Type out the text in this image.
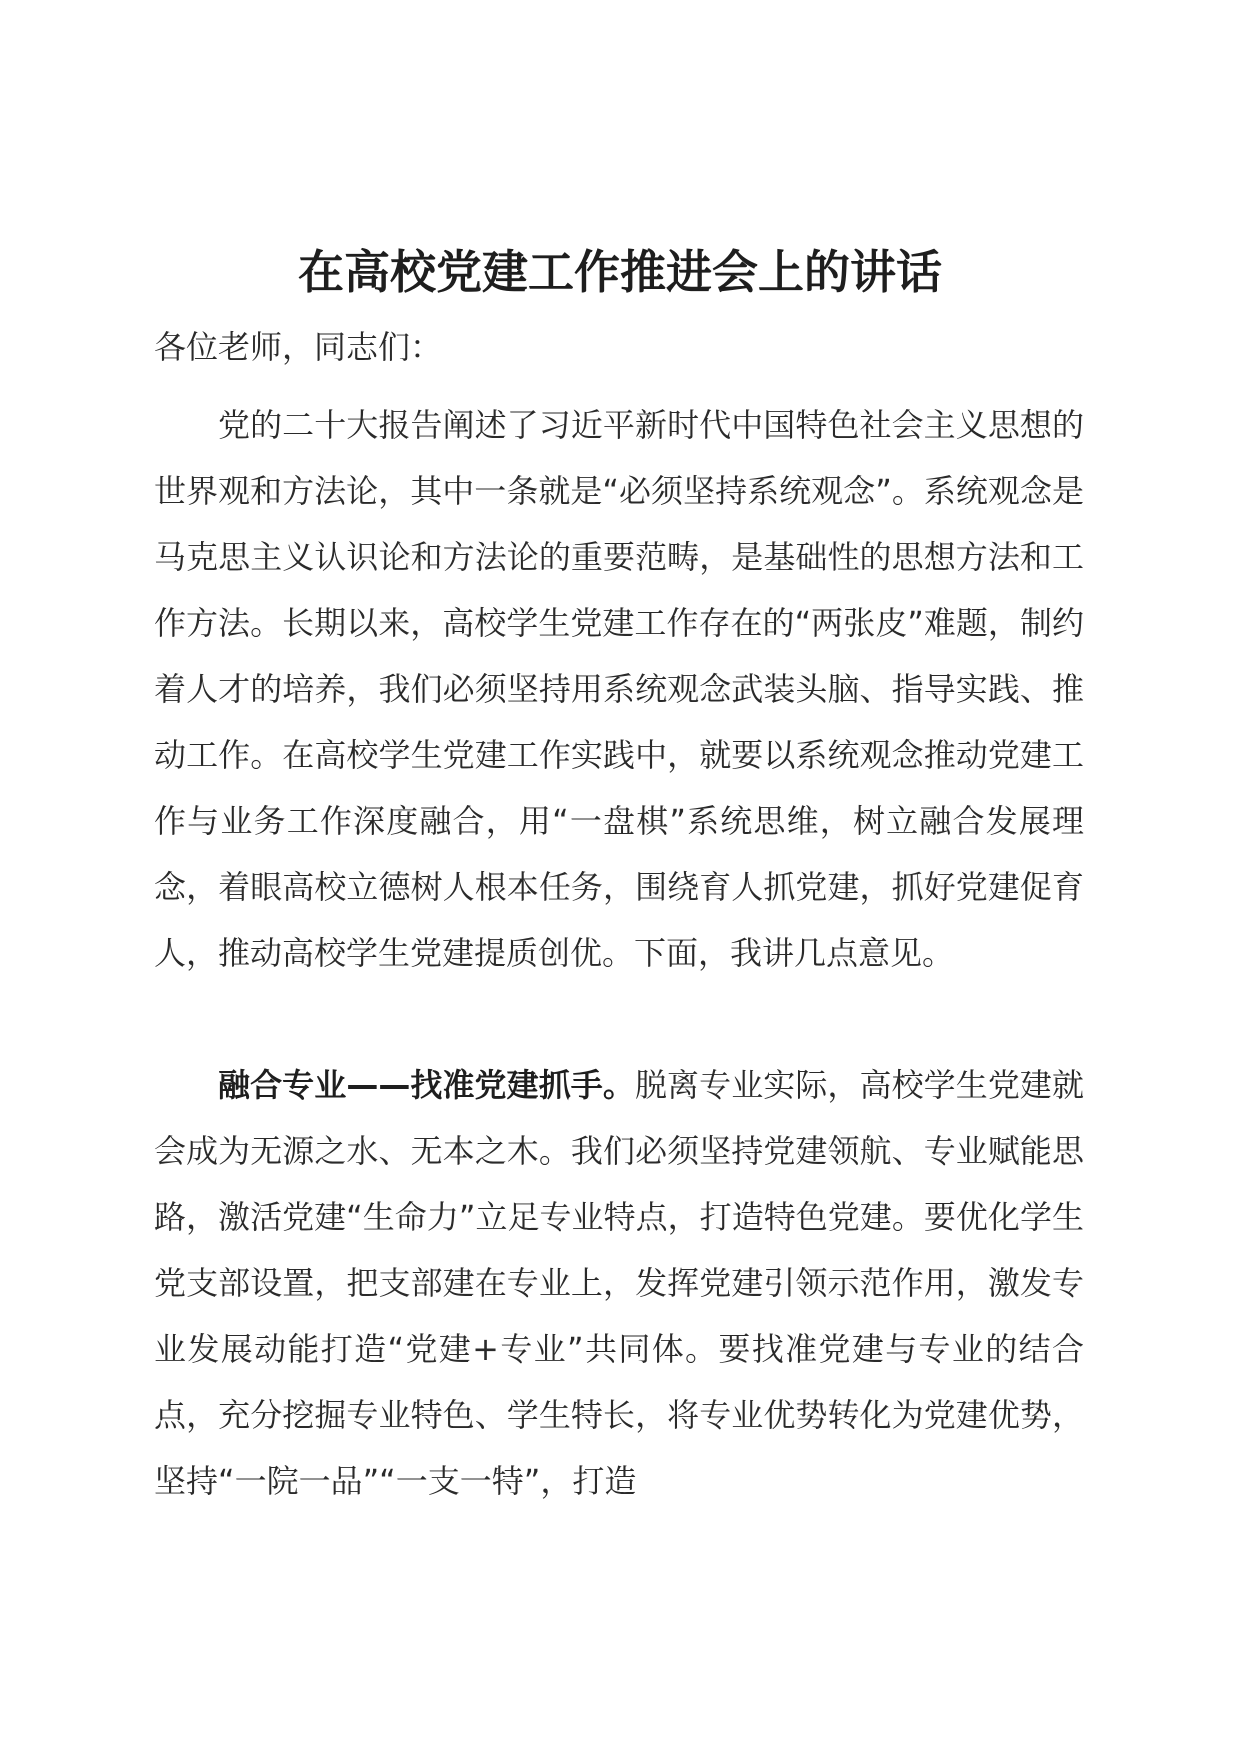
在高校党建工作推进会上的讲话

各位老师，同志们：

党的二十大报告阐述了习近平新时代中国特色社会主义思想的世界观和方法论，其中一条就是“必须坚持系统观念”。系统观念是马克思主义认识论和方法论的重要范畴，是基础性的思想方法和工作方法。长期以来，高校学生党建工作存在的“两张皮”难题，制约着人才的培养，我们必须坚持用系统观念武装头脑、指导实践、推动工作。在高校学生党建工作实践中，就要以系统观念推动党建工作与业务工作深度融合，用“一盘棋”系统思维，树立融合发展理念，着眼高校立德树人根本任务，围绕育人抓党建，抓好党建促育人，推动高校学生党建提质创优。下面，我讲几点意见。

融合专业——找准党建抓手。脱离专业实际，高校学生党建就会成为无源之水、无本之木。我们必须坚持党建领航、专业赋能思路，激活党建“生命力”立足专业特点，打造特色党建。要优化学生党支部设置，把支部建在专业上，发挥党建引领示范作用，激发专业发展动能打造“党建+专业”共同体。要找准党建与专业的结合点，充分挖掘专业特色、学生特长，将专业优势转化为党建优势，坚持“一院一品”“一支一特”，打造
